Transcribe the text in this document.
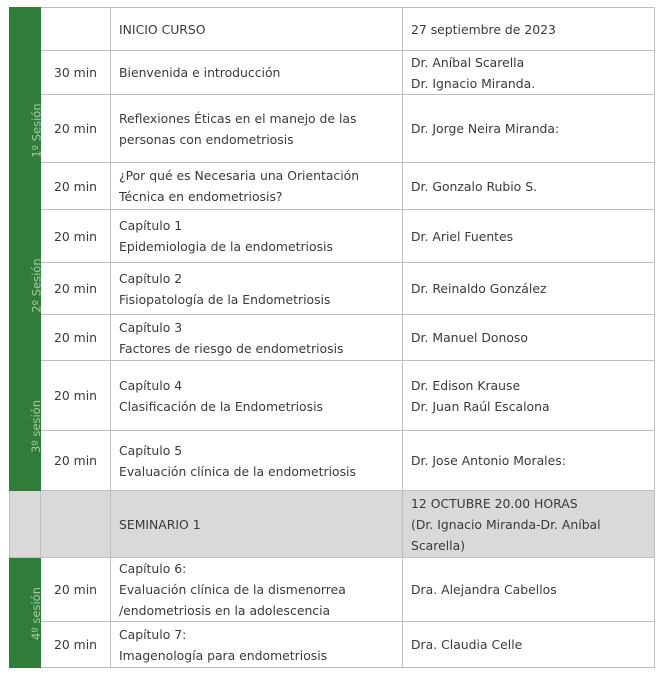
		INICIO CURSO	27 septiembre de 2023
1º Sesión	30 min	Bienvenida e introducción	Dr. Aníbal Scarella
Dr. Ignacio Miranda.

	20 min	Reflexiones Éticas en el manejo de las
personas con endometriosis	Dr. Jorge Neira Miranda:

	20 min	¿Por qué es Necesaria una Orientación
Técnica en endometriosis?	Dr. Gonzalo Rubio S.

2º Sesión	20 min	Capítulo 1
Epidemiologia de la endometriosis	Dr. Ariel Fuentes

	20 min	Capítulo 2
Fisiopatología de la Endometriosis	Dr. Reinaldo González

	20 min	Capítulo 3
Factores de riesgo de endometriosis	Dr. Manuel Donoso

3º sesión	20 min	Capítulo 4
Clasificación de la Endometriosis	Dr. Edison Krause
Dr. Juan Raúl Escalona

	20 min	Capítulo 5
Evaluación clínica de la endometriosis	Dr. Jose Antonio Morales:

		SEMINARIO 1	12 OCTUBRE 20.00 HORAS
(Dr. Ignacio Miranda-Dr. Aníbal
Scarella)

4º sesión	20 min	Capítulo 6:
Evaluación clínica de la dismenorrea
/endometriosis en la adolescencia	Dra. Alejandra Cabellos

	20 min	Capítulo 7:
Imagenología para endometriosis	Dra. Claudia Celle
